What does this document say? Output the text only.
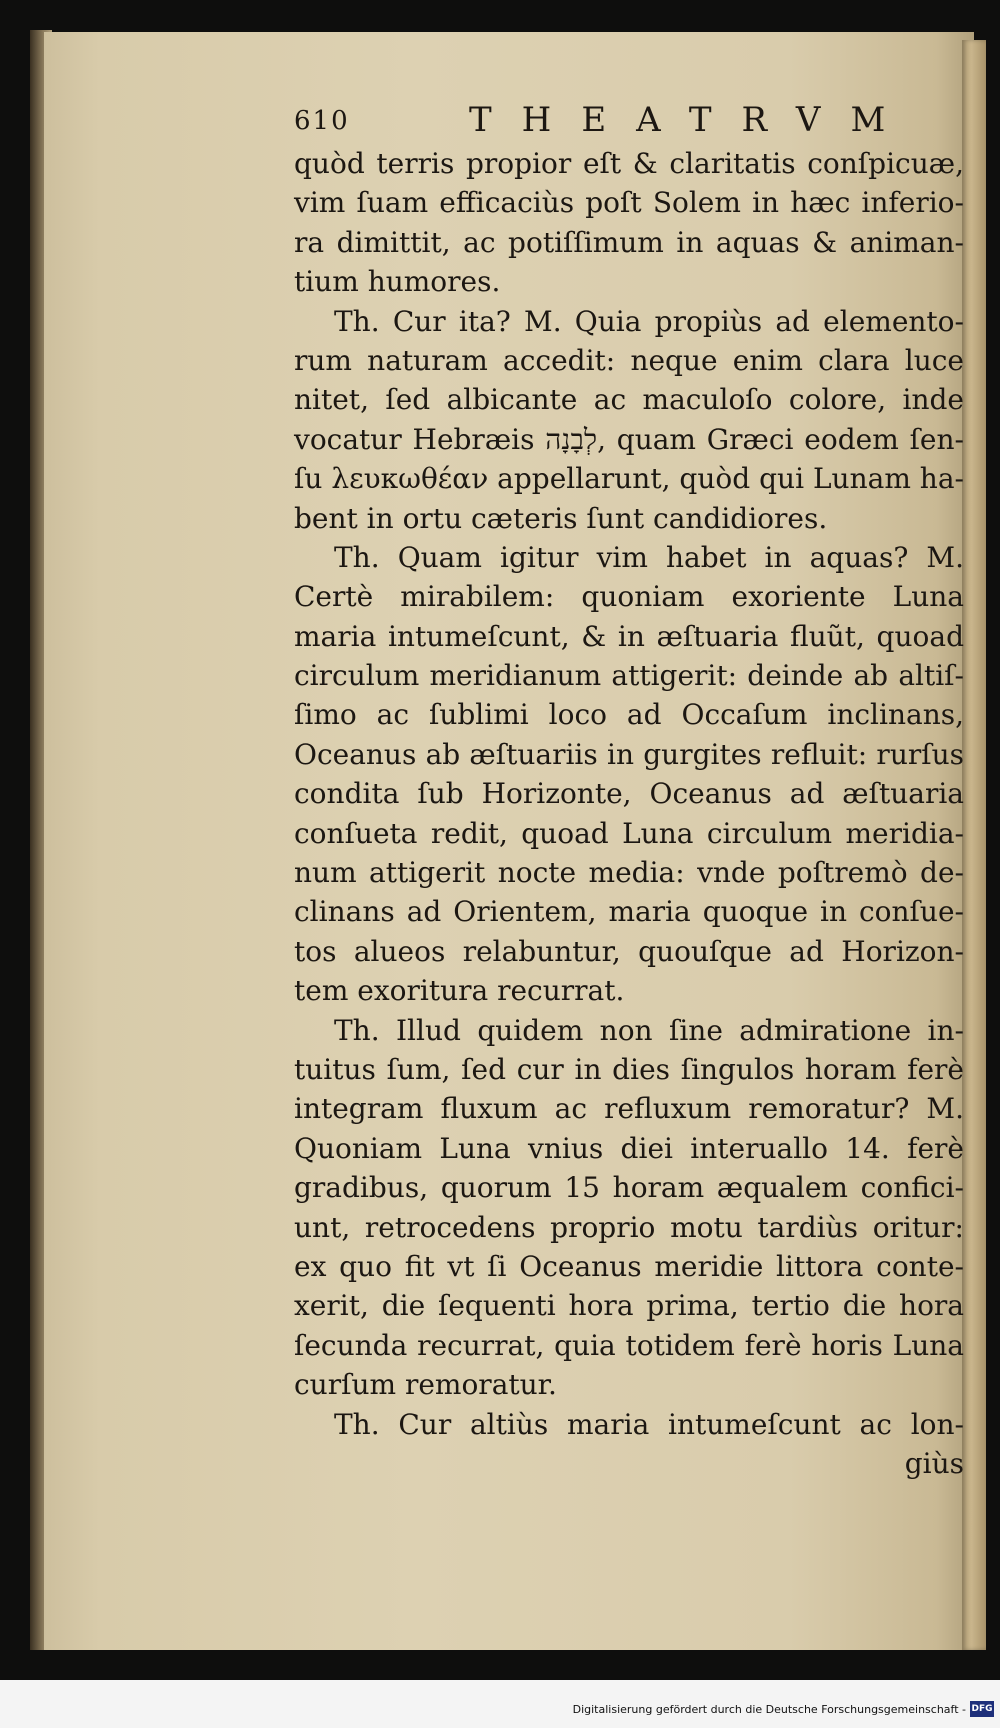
610	THEATRVM
quòd terris propior eſt & claritatis conſpicuæ,
vim ſuam efficaciùs poſt Solem in hæc inferio-
ra dimittit, ac potiſſimum in aquas & animan-
tium humores.
Th. Cur ita? M. Quia propiùs ad elemento-
rum naturam accedit: neque enim clara luce
nitet, ſed albicante ac maculoſo colore, inde
vocatur Hebræis לְבָנָה, quam Græci eodem ſen-
ſu λευκωθέαν appellarunt, quòd qui Lunam ha-
bent in ortu cæteris ſunt candidiores.
Th. Quam igitur vim habet in aquas? M.
Certè mirabilem: quoniam exoriente Luna
maria intumeſcunt, & in æſtuaria fluũt, quoad
circulum meridianum attigerit: deinde ab altiſ-
ſimo ac ſublimi loco ad Occaſum inclinans,
Oceanus ab æſtuariis in gurgites refluit: rurſus
condita ſub Horizonte, Oceanus ad æſtuaria
conſueta redit, quoad Luna circulum meridia-
num attigerit nocte media: vnde poſtremò de-
clinans ad Orientem, maria quoque in conſue-
tos alueos relabuntur, quouſque ad Horizon-
tem exoritura recurrat.
Th. Illud quidem non ſine admiratione in-
tuitus ſum, ſed cur in dies ſingulos horam ferè
integram fluxum ac refluxum remoratur? M.
Quoniam Luna vnius diei interuallo 14. ferè
gradibus, quorum 15 horam æqualem confici-
unt, retrocedens proprio motu tardiùs oritur:
ex quo fit vt ſi Oceanus meridie littora conte-
xerit, die ſequenti hora prima, tertio die hora
ſecunda recurrat, quia totidem ferè horis Luna
curſum remoratur.
Th. Cur altiùs maria intumeſcunt ac lon-
giùs
Digitalisierung gefördert durch die Deutsche Forschungsgemeinschaft - DFG
